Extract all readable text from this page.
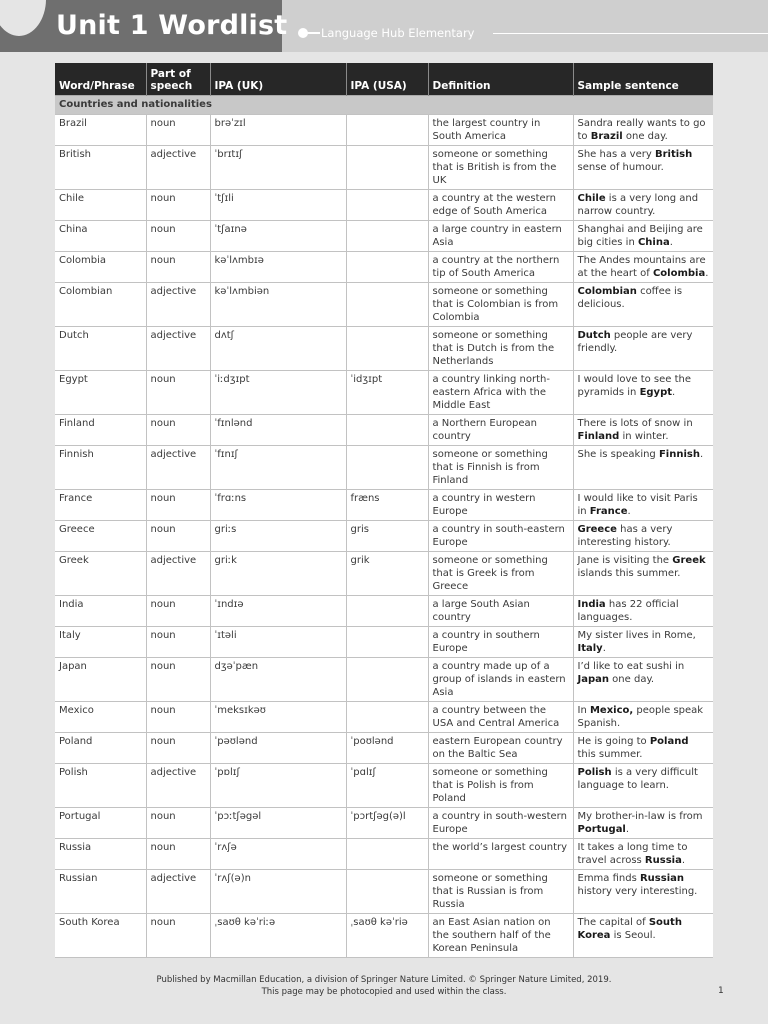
Unit 1 Wordlist	Language Hub Elementary
Word/Phrase	Part of speech	IPA (UK)	IPA (USA)	Definition	Sample sentence
Countries and nationalities					
Brazil	noun	brəˈzɪl		the largest country in South America	Sandra really wants to go to Brazil one day.
British	adjective	ˈbrɪtɪʃ		someone or something that is British is from the UK	She has a very British sense of humour.
Chile	noun	ˈtʃɪli		a country at the western edge of South America	Chile is a very long and narrow country.
China	noun	ˈtʃaɪnə		a large country in eastern Asia	Shanghai and Beijing are big cities in China.
Colombia	noun	kəˈlʌmbɪə		a country at the northern tip of South America	The Andes mountains are at the heart of Colombia.
Colombian	adjective	kəˈlʌmbiən		someone or something that is Colombian is from Colombia	Colombian coffee is delicious.
Dutch	adjective	dʌtʃ		someone or something that is Dutch is from the Netherlands	Dutch people are very friendly.
Egypt	noun	ˈiːdʒɪpt	ˈidʒɪpt	a country linking north-eastern Africa with the Middle East	I would love to see the pyramids in Egypt.
Finland	noun	ˈfɪnlənd		a Northern European country	There is lots of snow in Finland in winter.
Finnish	adjective	ˈfɪnɪʃ		someone or something that is Finnish is from Finland	She is speaking Finnish.
France	noun	ˈfrɑːns	fræns	a country in western Europe	I would like to visit Paris in France.
Greece	noun	griːs	gris	a country in south-eastern Europe	Greece has a very interesting history.
Greek	adjective	griːk	grik	someone or something that is Greek is from Greece	Jane is visiting the Greek islands this summer.
India	noun	ˈɪndɪə		a large South Asian country	India has 22 official languages.
Italy	noun	ˈɪtəli		a country in southern Europe	My sister lives in Rome, Italy.
Japan	noun	dʒəˈpæn		a country made up of a group of islands in eastern Asia	I’d like to eat sushi in Japan one day.
Mexico	noun	ˈmeksɪkəʊ		a country between the USA and Central America	In Mexico, people speak Spanish.
Poland	noun	ˈpəʊlənd	ˈpoʊlənd	eastern European country on the Baltic Sea	He is going to Poland this summer.
Polish	adjective	ˈpɒlɪʃ	ˈpɑlɪʃ	someone or something that is Polish is from Poland	Polish is a very difficult language to learn.
Portugal	noun	ˈpɔːtʃəgəl	ˈpɔrtʃəg(ə)l	a country in south-western Europe	My brother-in-law is from Portugal.
Russia	noun	ˈrʌʃə		the world’s largest country	It takes a long time to travel across Russia.
Russian	adjective	ˈrʌʃ(ə)n		someone or something that is Russian is from Russia	Emma finds Russian history very interesting.
South Korea	noun	ˌsaʊθ kəˈriːə	ˌsaʊθ kəˈriə	an East Asian nation on the southern half of the Korean Peninsula	The capital of South Korea is Seoul.
Published by Macmillan Education, a division of Springer Nature Limited. © Springer Nature Limited, 2019.
This page may be photocopied and used within the class.	1
